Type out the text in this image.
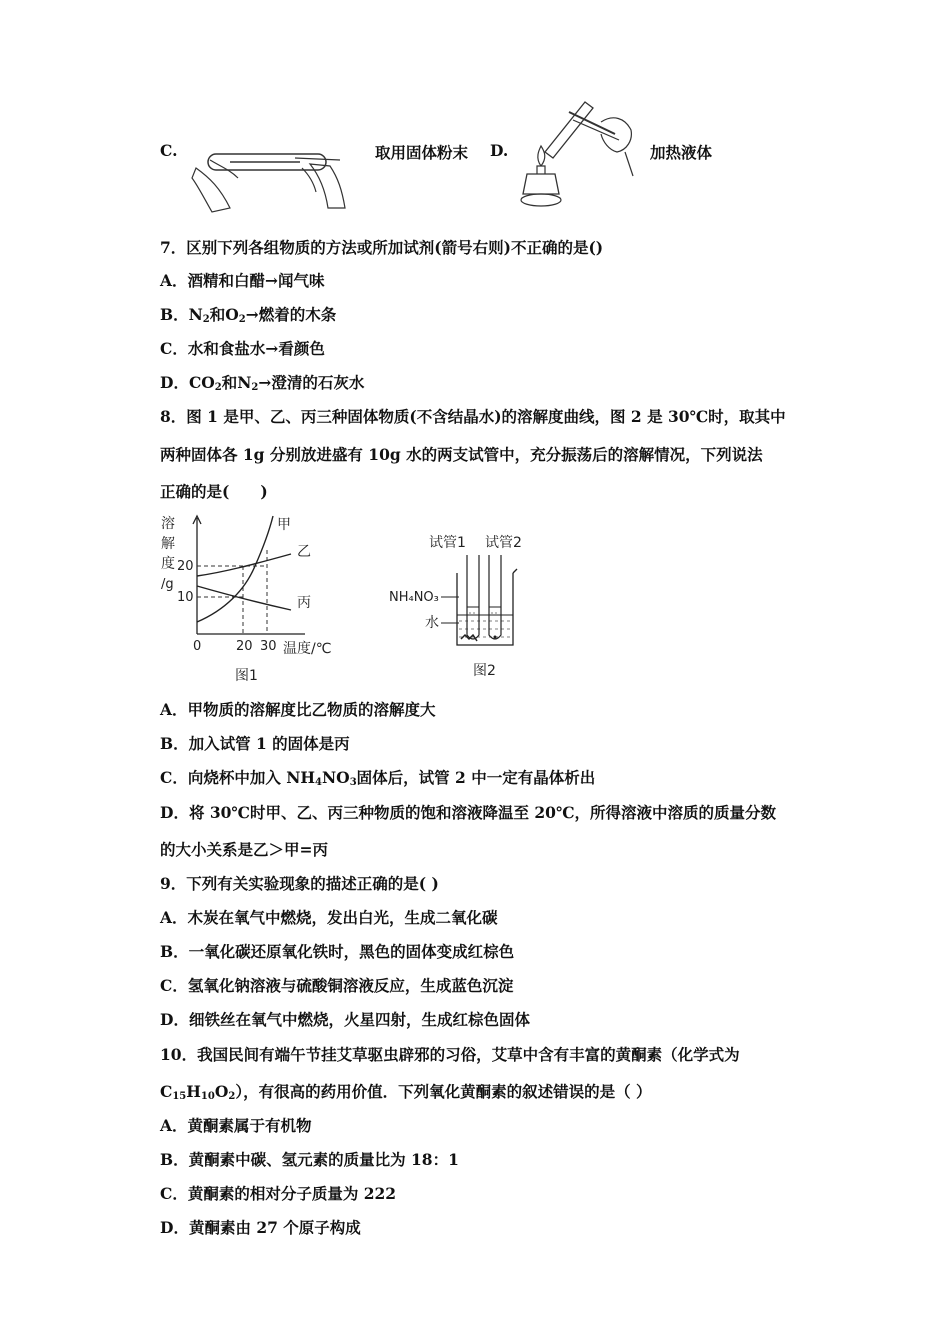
C.	取用固体粉末 D.	加热液体
7．区别下列各组物质的方法或所加试剂(箭号右则)不正确的是()
A．酒精和白醋→闻气味
B．$N_2$和$O_2\to$燃着的木条
C．水和食盐水→看颜色
D．$CO_2$和$N_2\to$澄清的石灰水
8．图 1 是甲、乙、丙三种固体物质(不含结晶水)的溶解度曲线，图 2 是 30℃时，取其中
两种固体各 1g 分别放进盛有 10g 水的两支试管中，充分振荡后的溶解情况，下列说法
正确的是(　　)
溶
解
度
/g
20
10
0	20 30 温度/℃
甲
乙
丙
图1
试管1 试管2
NH₄NO₃
水
图2
A．甲物质的溶解度比乙物质的溶解度大
B．加入试管 1 的固体是丙
C．向烧杯中加入 $NH_4NO_3$固体后，试管 2 中一定有晶体析出
D．将 30℃时甲、乙、丙三种物质的饱和溶液降温至 20℃，所得溶液中溶质的质量分数
的大小关系是乙＞甲=丙
9．下列有关实验现象的描述正确的是( )
A．木炭在氧气中燃烧，发出白光，生成二氧化碳
B．一氧化碳还原氧化铁时，黑色的固体变成红棕色
C．氢氧化钠溶液与硫酸铜溶液反应，生成蓝色沉淀
D．细铁丝在氧气中燃烧，火星四射，生成红棕色固体
10．我国民间有端午节挂艾草驱虫辟邪的习俗，艾草中含有丰富的黄酮素（化学式为
$C_{15}H_{10}O_2$），有很高的药用价值．下列氧化黄酮素的叙述错误的是（ ）
A．黄酮素属于有机物
B．黄酮素中碳、氢元素的质量比为 18：1
C．黄酮素的相对分子质量为 222
D．黄酮素由 27 个原子构成
